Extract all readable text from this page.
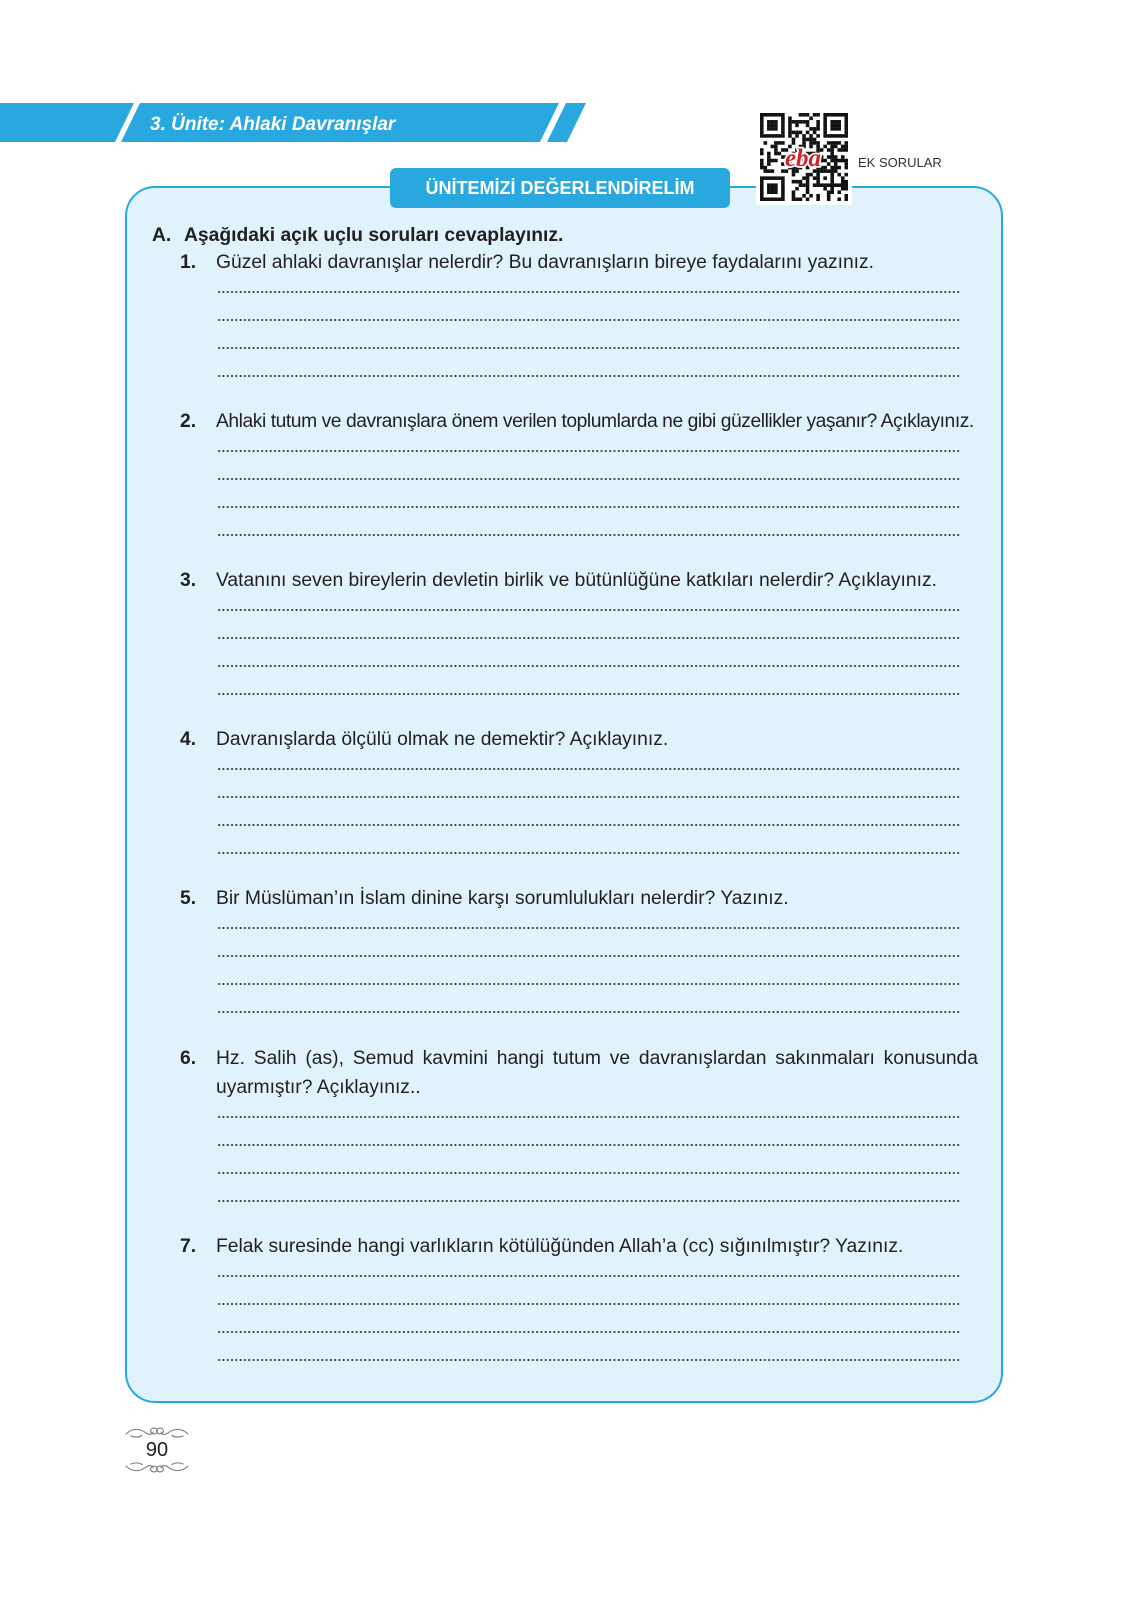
3. Ünite: Ahlaki Davranışlar
ÜNİTEMİZİ DEĞERLENDİRELİM
eba	EK SORULAR
A. Aşağıdaki açık uçlu soruları cevaplayınız.
1.	Güzel ahlaki davranışlar nelerdir? Bu davranışların bireye faydalarını yazınız.
2.	Ahlaki tutum ve davranışlara önem verilen toplumlarda ne gibi güzellikler yaşanır? Açıklayınız.
3.	Vatanını seven bireylerin devletin birlik ve bütünlüğüne katkıları nelerdir? Açıklayınız.
4.	Davranışlarda ölçülü olmak ne demektir? Açıklayınız.
5.	Bir Müslüman’ın İslam dinine karşı sorumlulukları nelerdir? Yazınız.
6.	Hz. Salih (as), Semud kavmini hangi tutum ve davranışlardan sakınmaları konusunda uyarmıştır? Açıklayınız..
7.	Felak suresinde hangi varlıkların kötülüğünden Allah’a (cc) sığınılmıştır? Yazınız.
90
